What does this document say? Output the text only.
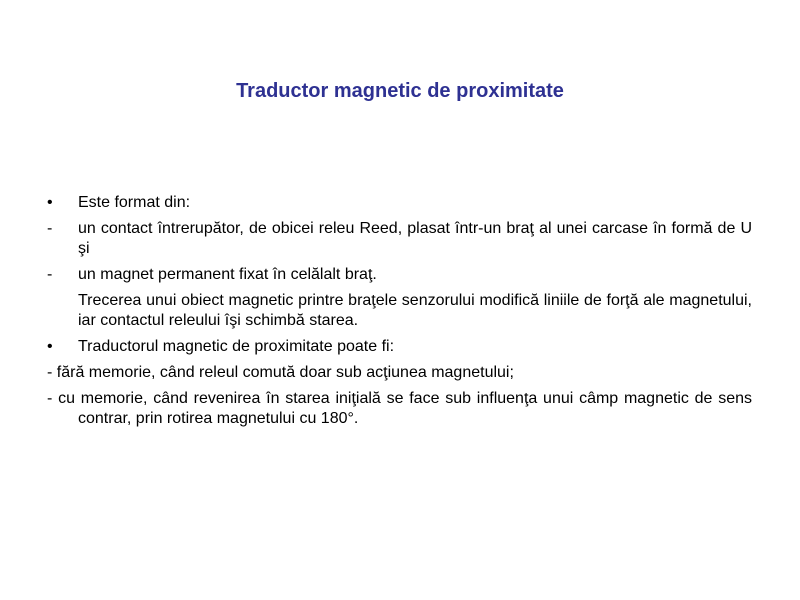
Traductor magnetic de proximitate
• Este format din:
- un contact întrerupător, de obicei releu Reed, plasat într-un braţ al unei carcase în formă de U şi
- un magnet permanent fixat în celălalt braţ.
Trecerea unui obiect magnetic printre braţele senzorului modifică liniile de forţă ale magnetului, iar contactul releului îşi schimbă starea.
• Traductorul magnetic de proximitate poate fi:
- fără memorie, când releul comută doar sub acţiunea magnetului;
- cu memorie, când revenirea în starea iniţială se face sub influenţa unui câmp magnetic de sens contrar, prin rotirea magnetului cu 180°.
